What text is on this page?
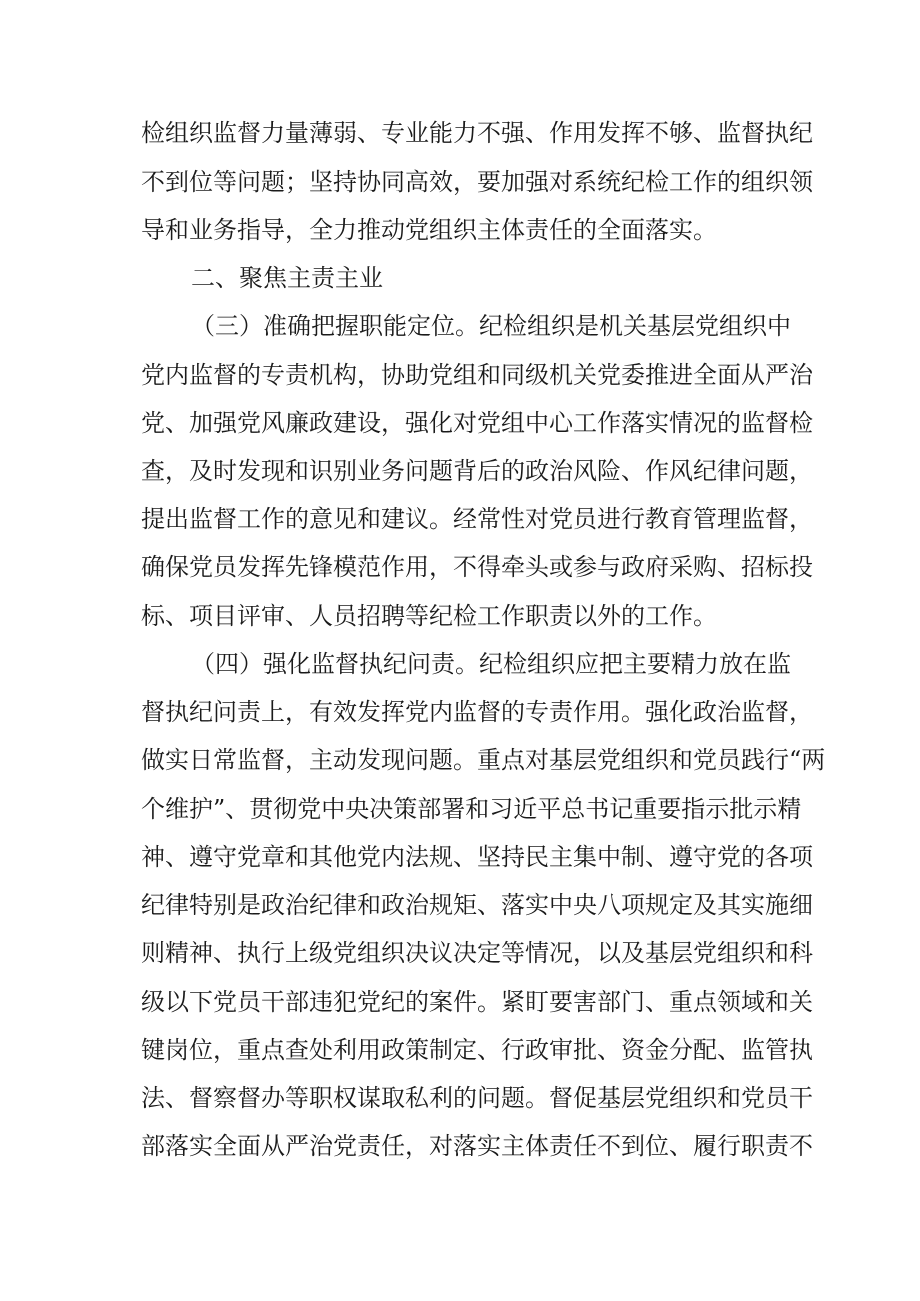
检组织监督力量薄弱、专业能力不强、作用发挥不够、监督执纪
不到位等问题；坚持协同高效，要加强对系统纪检工作的组织领
导和业务指导，全力推动党组织主体责任的全面落实。
二、聚焦主责主业
（三）准确把握职能定位。纪检组织是机关基层党组织中
党内监督的专责机构，协助党组和同级机关党委推进全面从严治
党、加强党风廉政建设，强化对党组中心工作落实情况的监督检
查，及时发现和识别业务问题背后的政治风险、作风纪律问题，
提出监督工作的意见和建议。经常性对党员进行教育管理监督，
确保党员发挥先锋模范作用，不得牵头或参与政府采购、招标投
标、项目评审、人员招聘等纪检工作职责以外的工作。
（四）强化监督执纪问责。纪检组织应把主要精力放在监
督执纪问责上，有效发挥党内监督的专责作用。强化政治监督，
做实日常监督，主动发现问题。重点对基层党组织和党员践行“两
个维护”、贯彻党中央决策部署和习近平总书记重要指示批示精
神、遵守党章和其他党内法规、坚持民主集中制、遵守党的各项
纪律特别是政治纪律和政治规矩、落实中央八项规定及其实施细
则精神、执行上级党组织决议决定等情况，以及基层党组织和科
级以下党员干部违犯党纪的案件。紧盯要害部门、重点领域和关
键岗位，重点查处利用政策制定、行政审批、资金分配、监管执
法、督察督办等职权谋取私利的问题。督促基层党组织和党员干
部落实全面从严治党责任，对落实主体责任不到位、履行职责不
